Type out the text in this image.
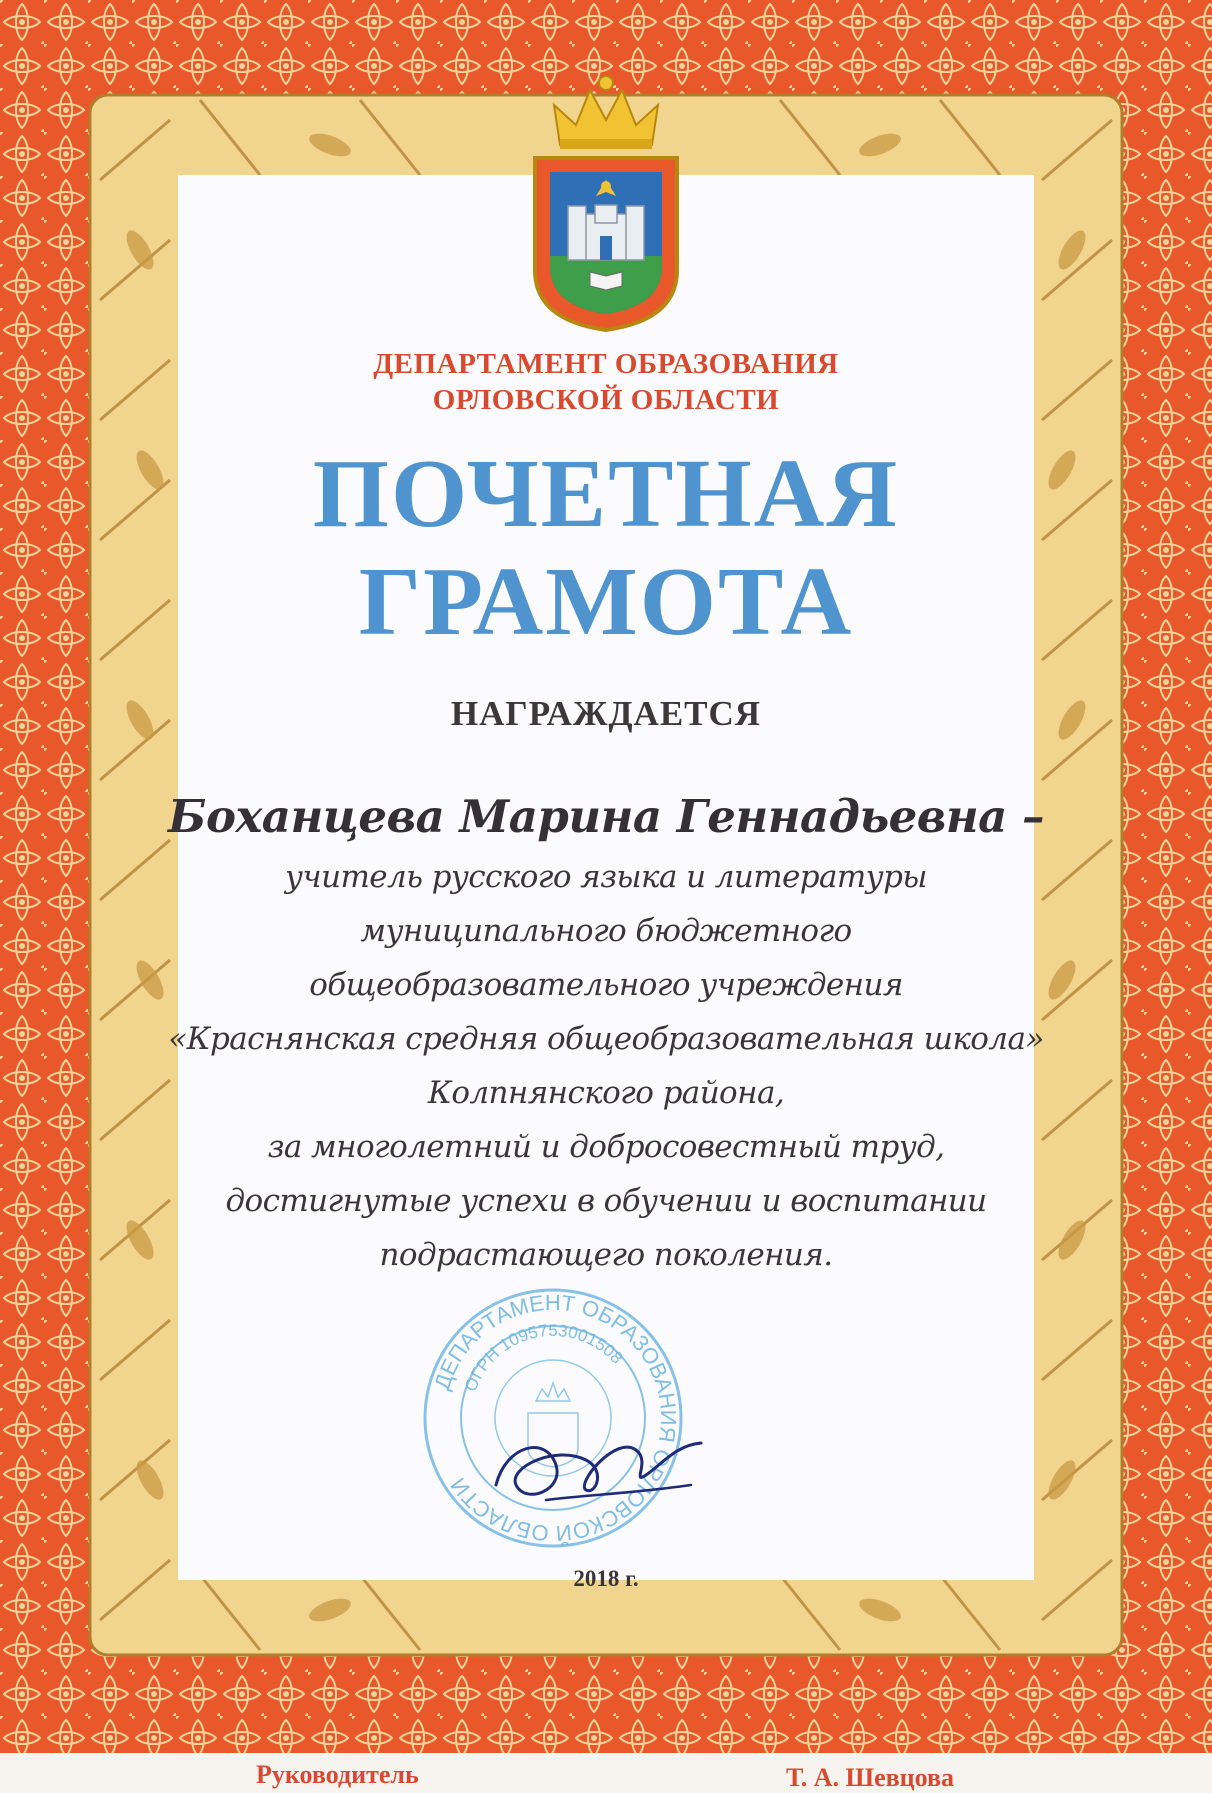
ДЕПАРТАМЕНТ ОБРАЗОВАНИЯ
ОРЛОВСКОЙ ОБЛАСТИ
ПОЧЕТНАЯ
ГРАМОТА
НАГРАЖДАЕТСЯ
Боханцева Марина Геннадьевна –
учитель русского языка и литературы
муниципального бюджетного
общеобразовательного учреждения
«Краснянская средняя общеобразовательная школа»
Колпнянского района,
за многолетний и добросовестный труд,
достигнутые успехи в обучении и воспитании
подрастающего поколения.
ДЕПАРТАМЕНТ ОБРАЗОВАНИЯ ОРЛОВСКОЙ ОБЛАСТИ
ОГРН 1095753001508
Руководитель	Т. А. Шевцова
2018 г.
